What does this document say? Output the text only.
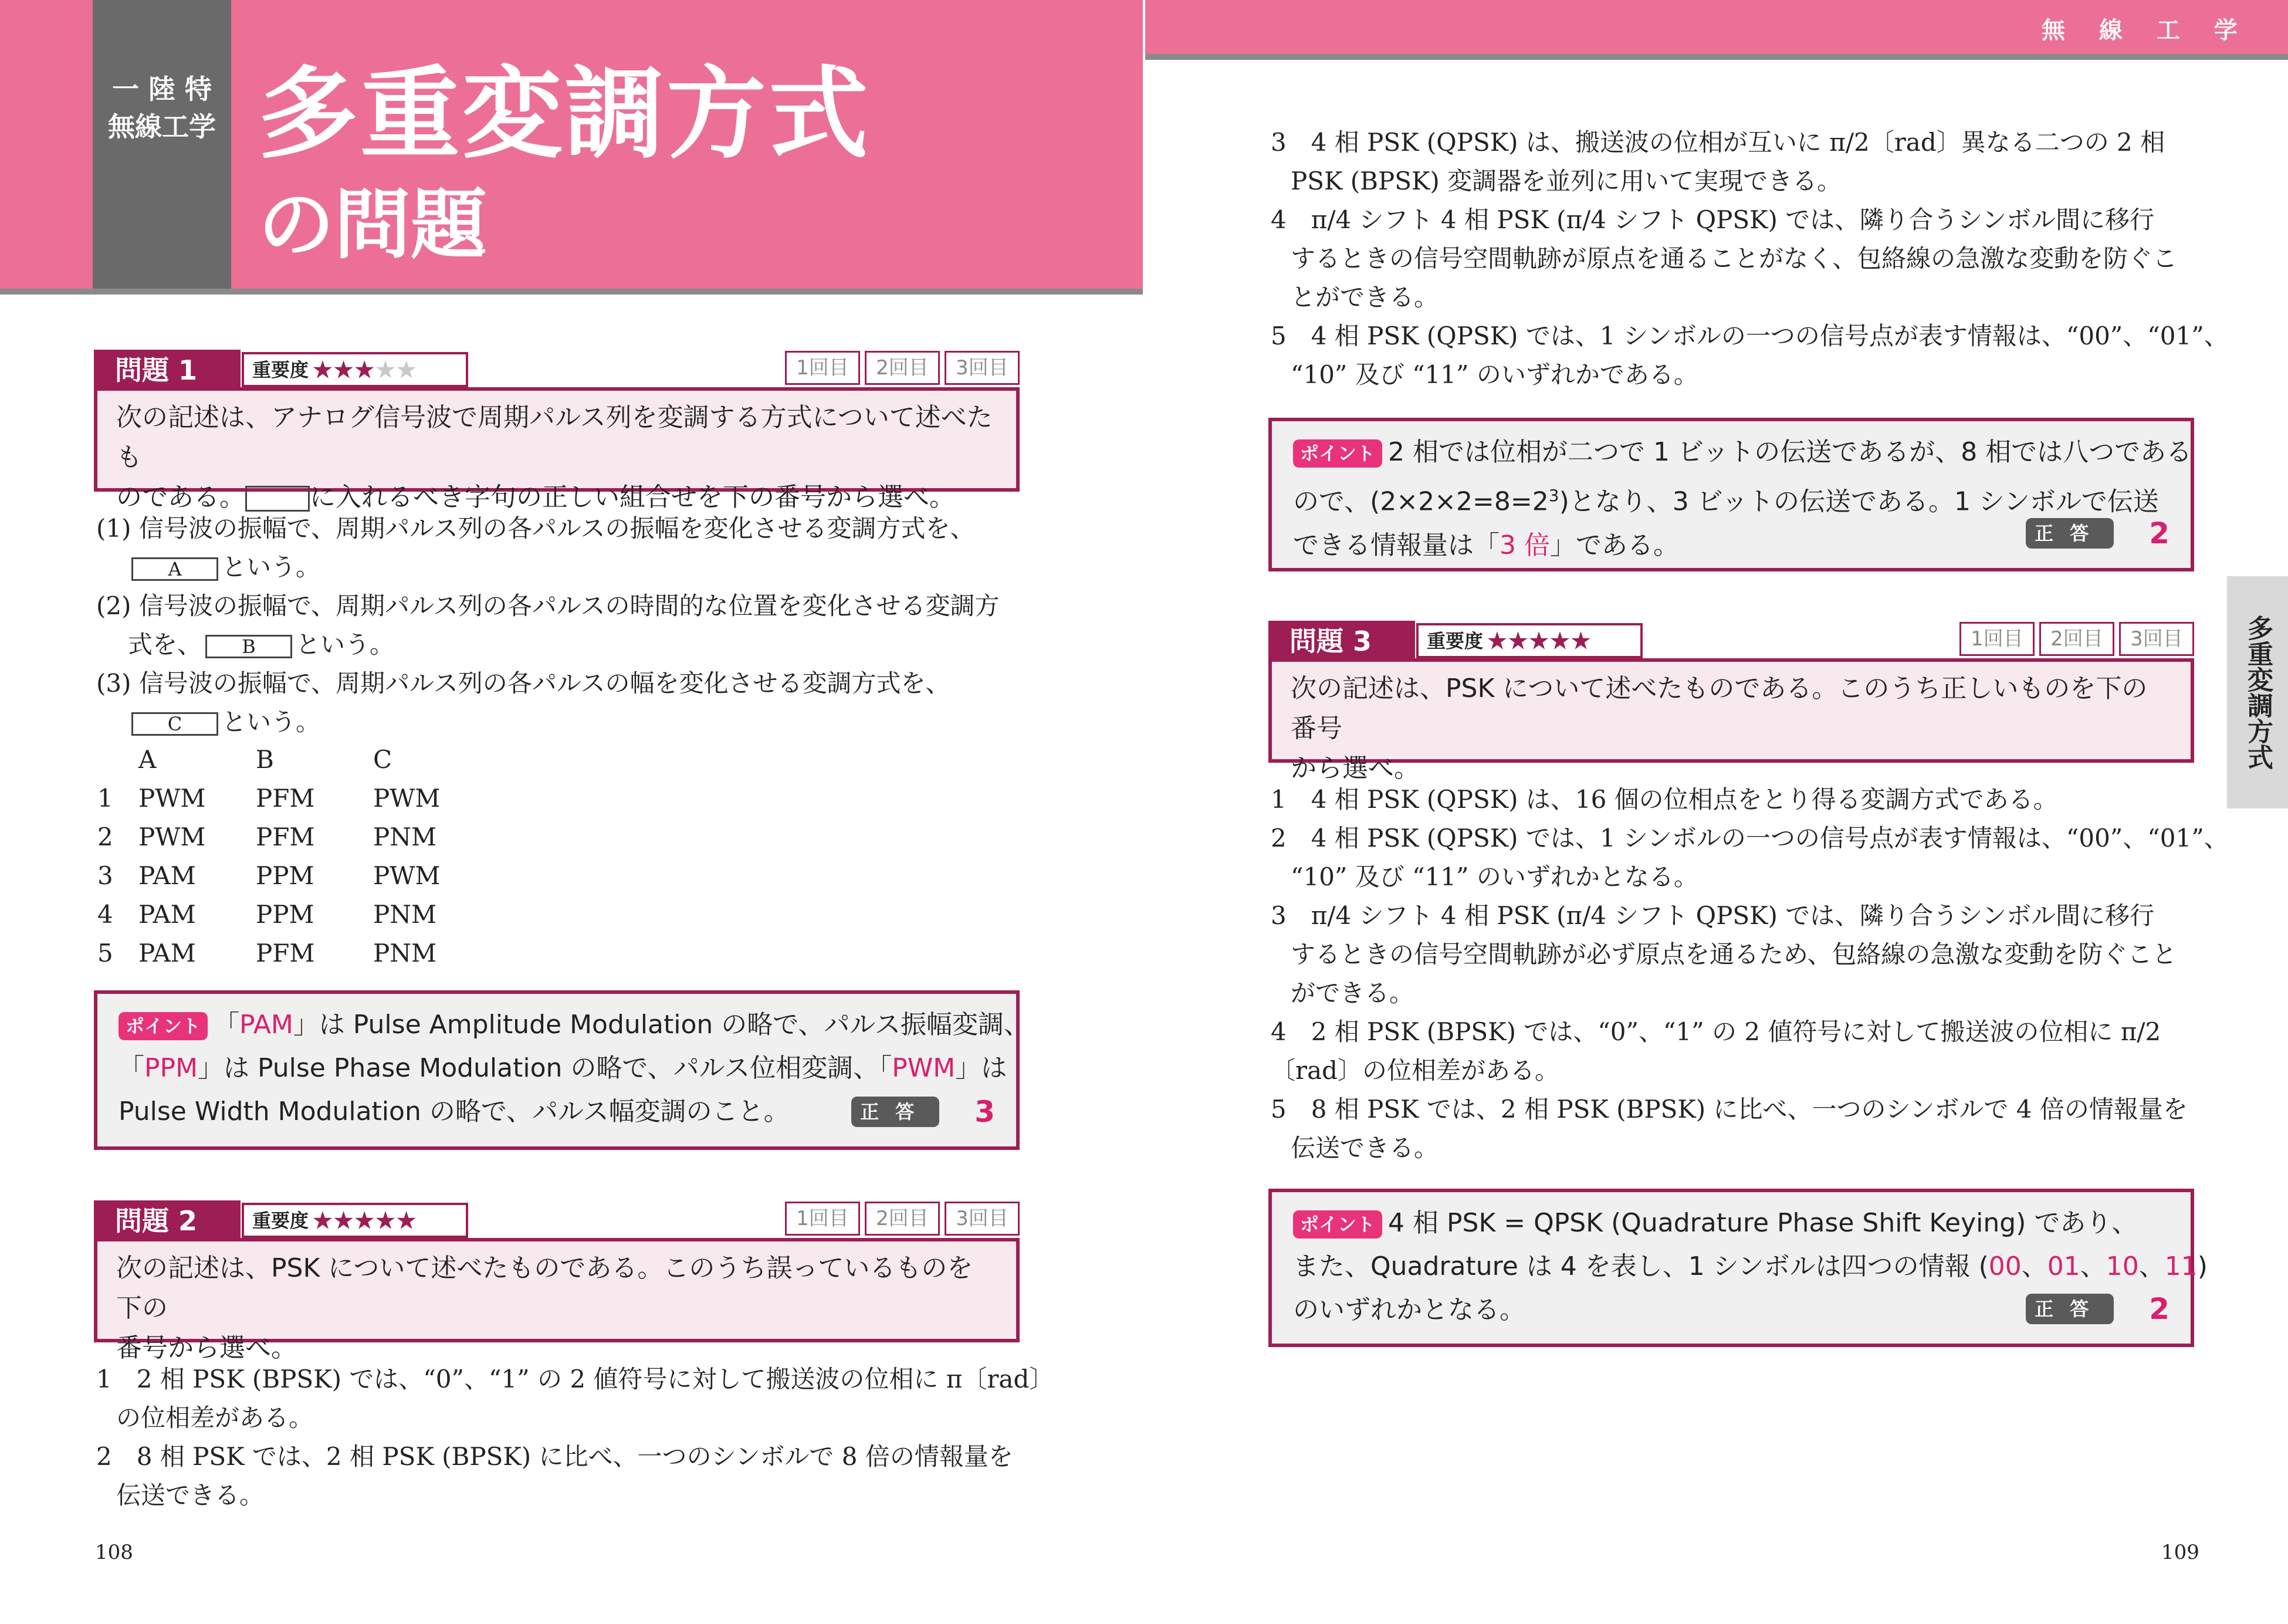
一 陸 特
無線工学 多重変調方式
の問題
無 線 工 学
多重変調方式
問題 1	重要度 ★★★★★	1回目 2回目 3回目
次の記述は、アナログ信号波で周期パルス列を変調する方式について述べたも
のである。	に入れるべき字句の正しい組合せを下の番号から選べ。
(1) 信号波の振幅で、周期パルス列の各パルスの振幅を変化させる変調方式を、
A という。
(2) 信号波の振幅で、周期パルス列の各パルスの時間的な位置を変化させる変調方
式を、 B という。
(3) 信号波の振幅で、周期パルス列の各パルスの幅を変化させる変調方式を、
C という。
A	B	C
1 PWM PFM PWM
2 PWM PFM PNM
3 PAM PPM PWM
4 PAM PPM PNM
5 PAM PFM PNM
ポイント 「PAM」は Pulse Amplitude Modulation の略で、パルス振幅変調、
「PPM」は Pulse Phase Modulation の略で、パルス位相変調、「PWM」は
Pulse Width Modulation の略で、パルス幅変調のこと。	正答 3
問題 2	重要度 ★★★★★	1回目 2回目 3回目
次の記述は、PSK について述べたものである。このうち誤っているものを下の
番号から選べ。
1　2 相 PSK (BPSK) では、“0”、“1” の 2 値符号に対して搬送波の位相に π〔rad〕
の位相差がある。
2　8 相 PSK では、2 相 PSK (BPSK) に比べ、一つのシンボルで 8 倍の情報量を
伝送できる。
3　4 相 PSK (QPSK) は、搬送波の位相が互いに π/2〔rad〕異なる二つの 2 相
PSK (BPSK) 変調器を並列に用いて実現できる。
4　π/4 シフト 4 相 PSK (π/4 シフト QPSK) では、隣り合うシンボル間に移行
するときの信号空間軌跡が原点を通ることがなく、包絡線の急激な変動を防ぐこ
とができる。
5　4 相 PSK (QPSK) では、1 シンボルの一つの信号点が表す情報は、“00”、“01”、
“10” 及び “11” のいずれかである。
ポイント 2 相では位相が二つで 1 ビットの伝送であるが、8 相では八つである
ので、$(2\times 2\times 2=8=2^3)$となり、3 ビットの伝送である。1 シンボルで伝送
できる情報量は「3 倍」である。	正答 2
問題 3	重要度 ★★★★★	1回目 2回目 3回目
次の記述は、PSK について述べたものである。このうち正しいものを下の番号
から選べ。
1　4 相 PSK (QPSK) は、16 個の位相点をとり得る変調方式である。
2　4 相 PSK (QPSK) では、1 シンボルの一つの信号点が表す情報は、“00”、“01”、
“10” 及び “11” のいずれかとなる。
3　π/4 シフト 4 相 PSK (π/4 シフト QPSK) では、隣り合うシンボル間に移行
するときの信号空間軌跡が必ず原点を通るため、包絡線の急激な変動を防ぐこと
ができる。
4　2 相 PSK (BPSK) では、“0”、“1” の 2 値符号に対して搬送波の位相に π/2
〔rad〕の位相差がある。
5　8 相 PSK では、2 相 PSK (BPSK) に比べ、一つのシンボルで 4 倍の情報量を
伝送できる。
ポイント 4 相 PSK = QPSK (Quadrature Phase Shift Keying) であり、
また、Quadrature は 4 を表し、1 シンボルは四つの情報 (00、01、10、11)
のいずれかとなる。	正答 2
108	109
